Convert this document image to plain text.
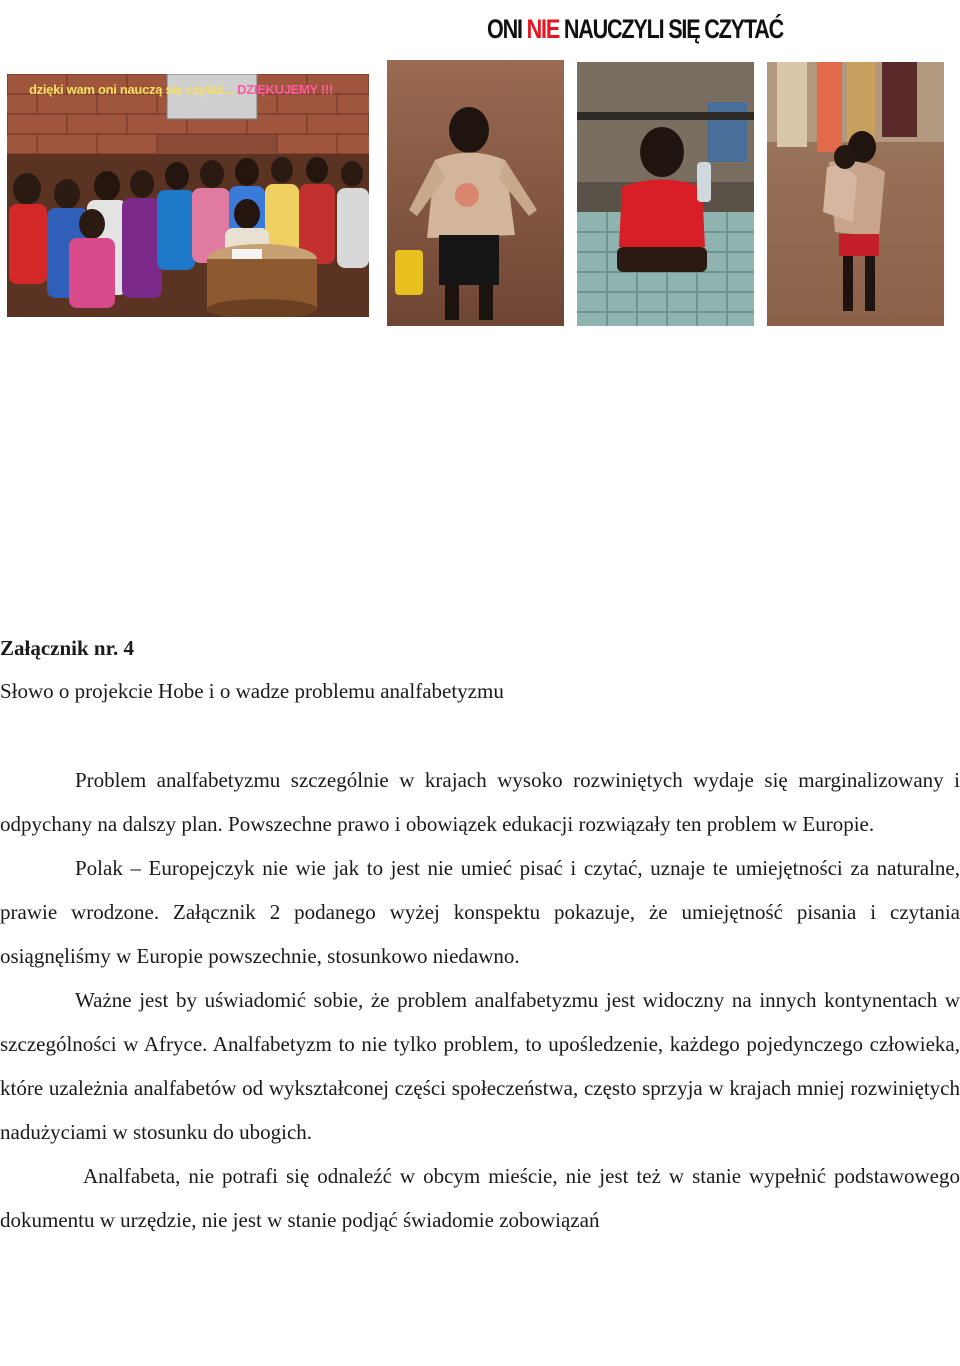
ONI NIE NAUCZYLI SIĘ CZYTAĆ
dzięki wam oni nauczą się czytać... DZIĘKUJEMY !!!
Załącznik nr. 4
Słowo o projekcie Hobe i o wadze problemu analfabetyzmu

Problem analfabetyzmu szczególnie w krajach wysoko rozwiniętych wydaje się marginalizowany i odpychany na dalszy plan. Powszechne prawo i obowiązek edukacji rozwiązały ten problem w Europie.

Polak – Europejczyk nie wie jak to jest nie umieć pisać i czytać, uznaje te umiejętności za naturalne, prawie wrodzone. Załącznik 2 podanego wyżej konspektu pokazuje, że umiejętność pisania i czytania osiągnęliśmy w Europie powszechnie, stosunkowo niedawno.

Ważne jest by uświadomić sobie, że problem analfabetyzmu jest widoczny na innych kontynentach w szczególności w Afryce. Analfabetyzm to nie tylko problem, to upośledzenie, każdego pojedynczego człowieka, które uzależnia analfabetów od wykształconej części społeczeństwa, często sprzyja w krajach mniej rozwiniętych nadużyciami w stosunku do ubogich.

Analfabeta, nie potrafi się odnaleźć w obcym mieście, nie jest też w stanie wypełnić podstawowego dokumentu w urzędzie, nie jest w stanie podjąć świadomie zobowiązań
